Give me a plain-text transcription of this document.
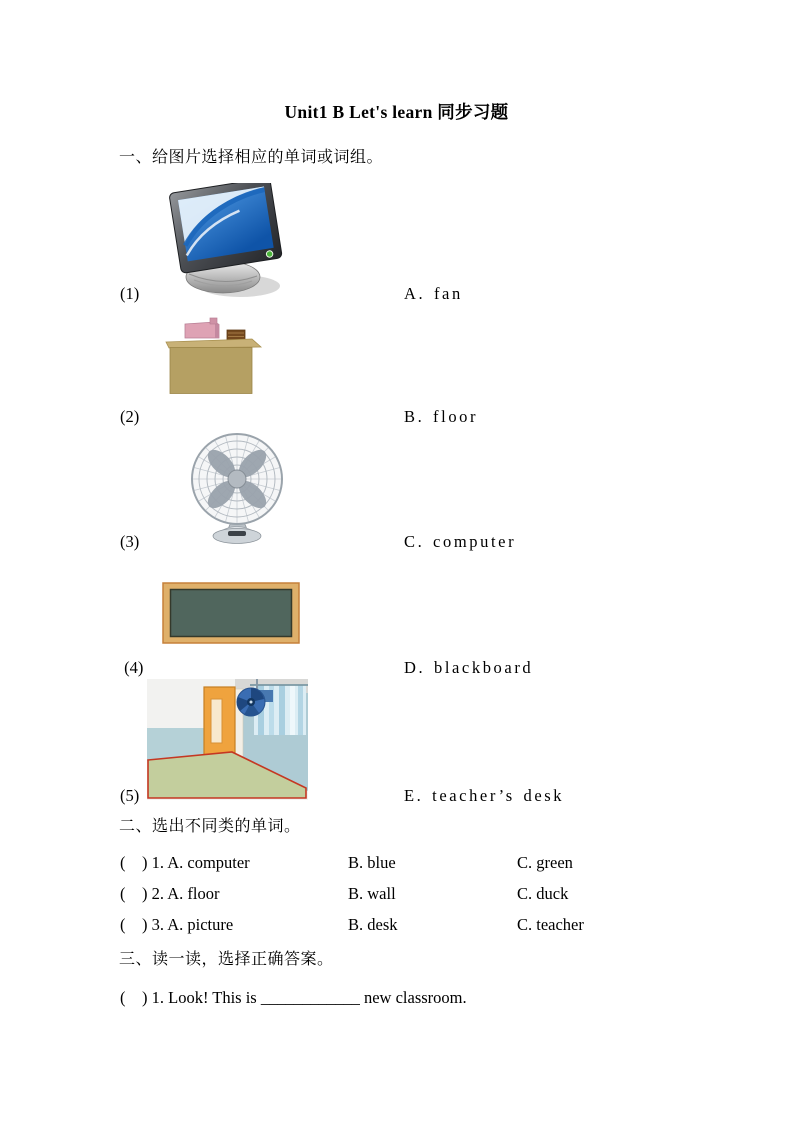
Unit1 B Let's learn 同步习题
一、给图片选择相应的单词或词组。
(1)	A. fan
(2)	B. floor
(3)	C. computer
(4)	D. blackboard
(5)	E. teacher’s desk
二、选出不同类的单词。
(    ) 1. A. computer	B. blue	C. green
(    ) 2. A. floor	B. wall	C. duck
(    ) 3. A. picture	B. desk	C. teacher
三、读一读，选择正确答案。
(    ) 1. Look! This is ____________ new classroom.
